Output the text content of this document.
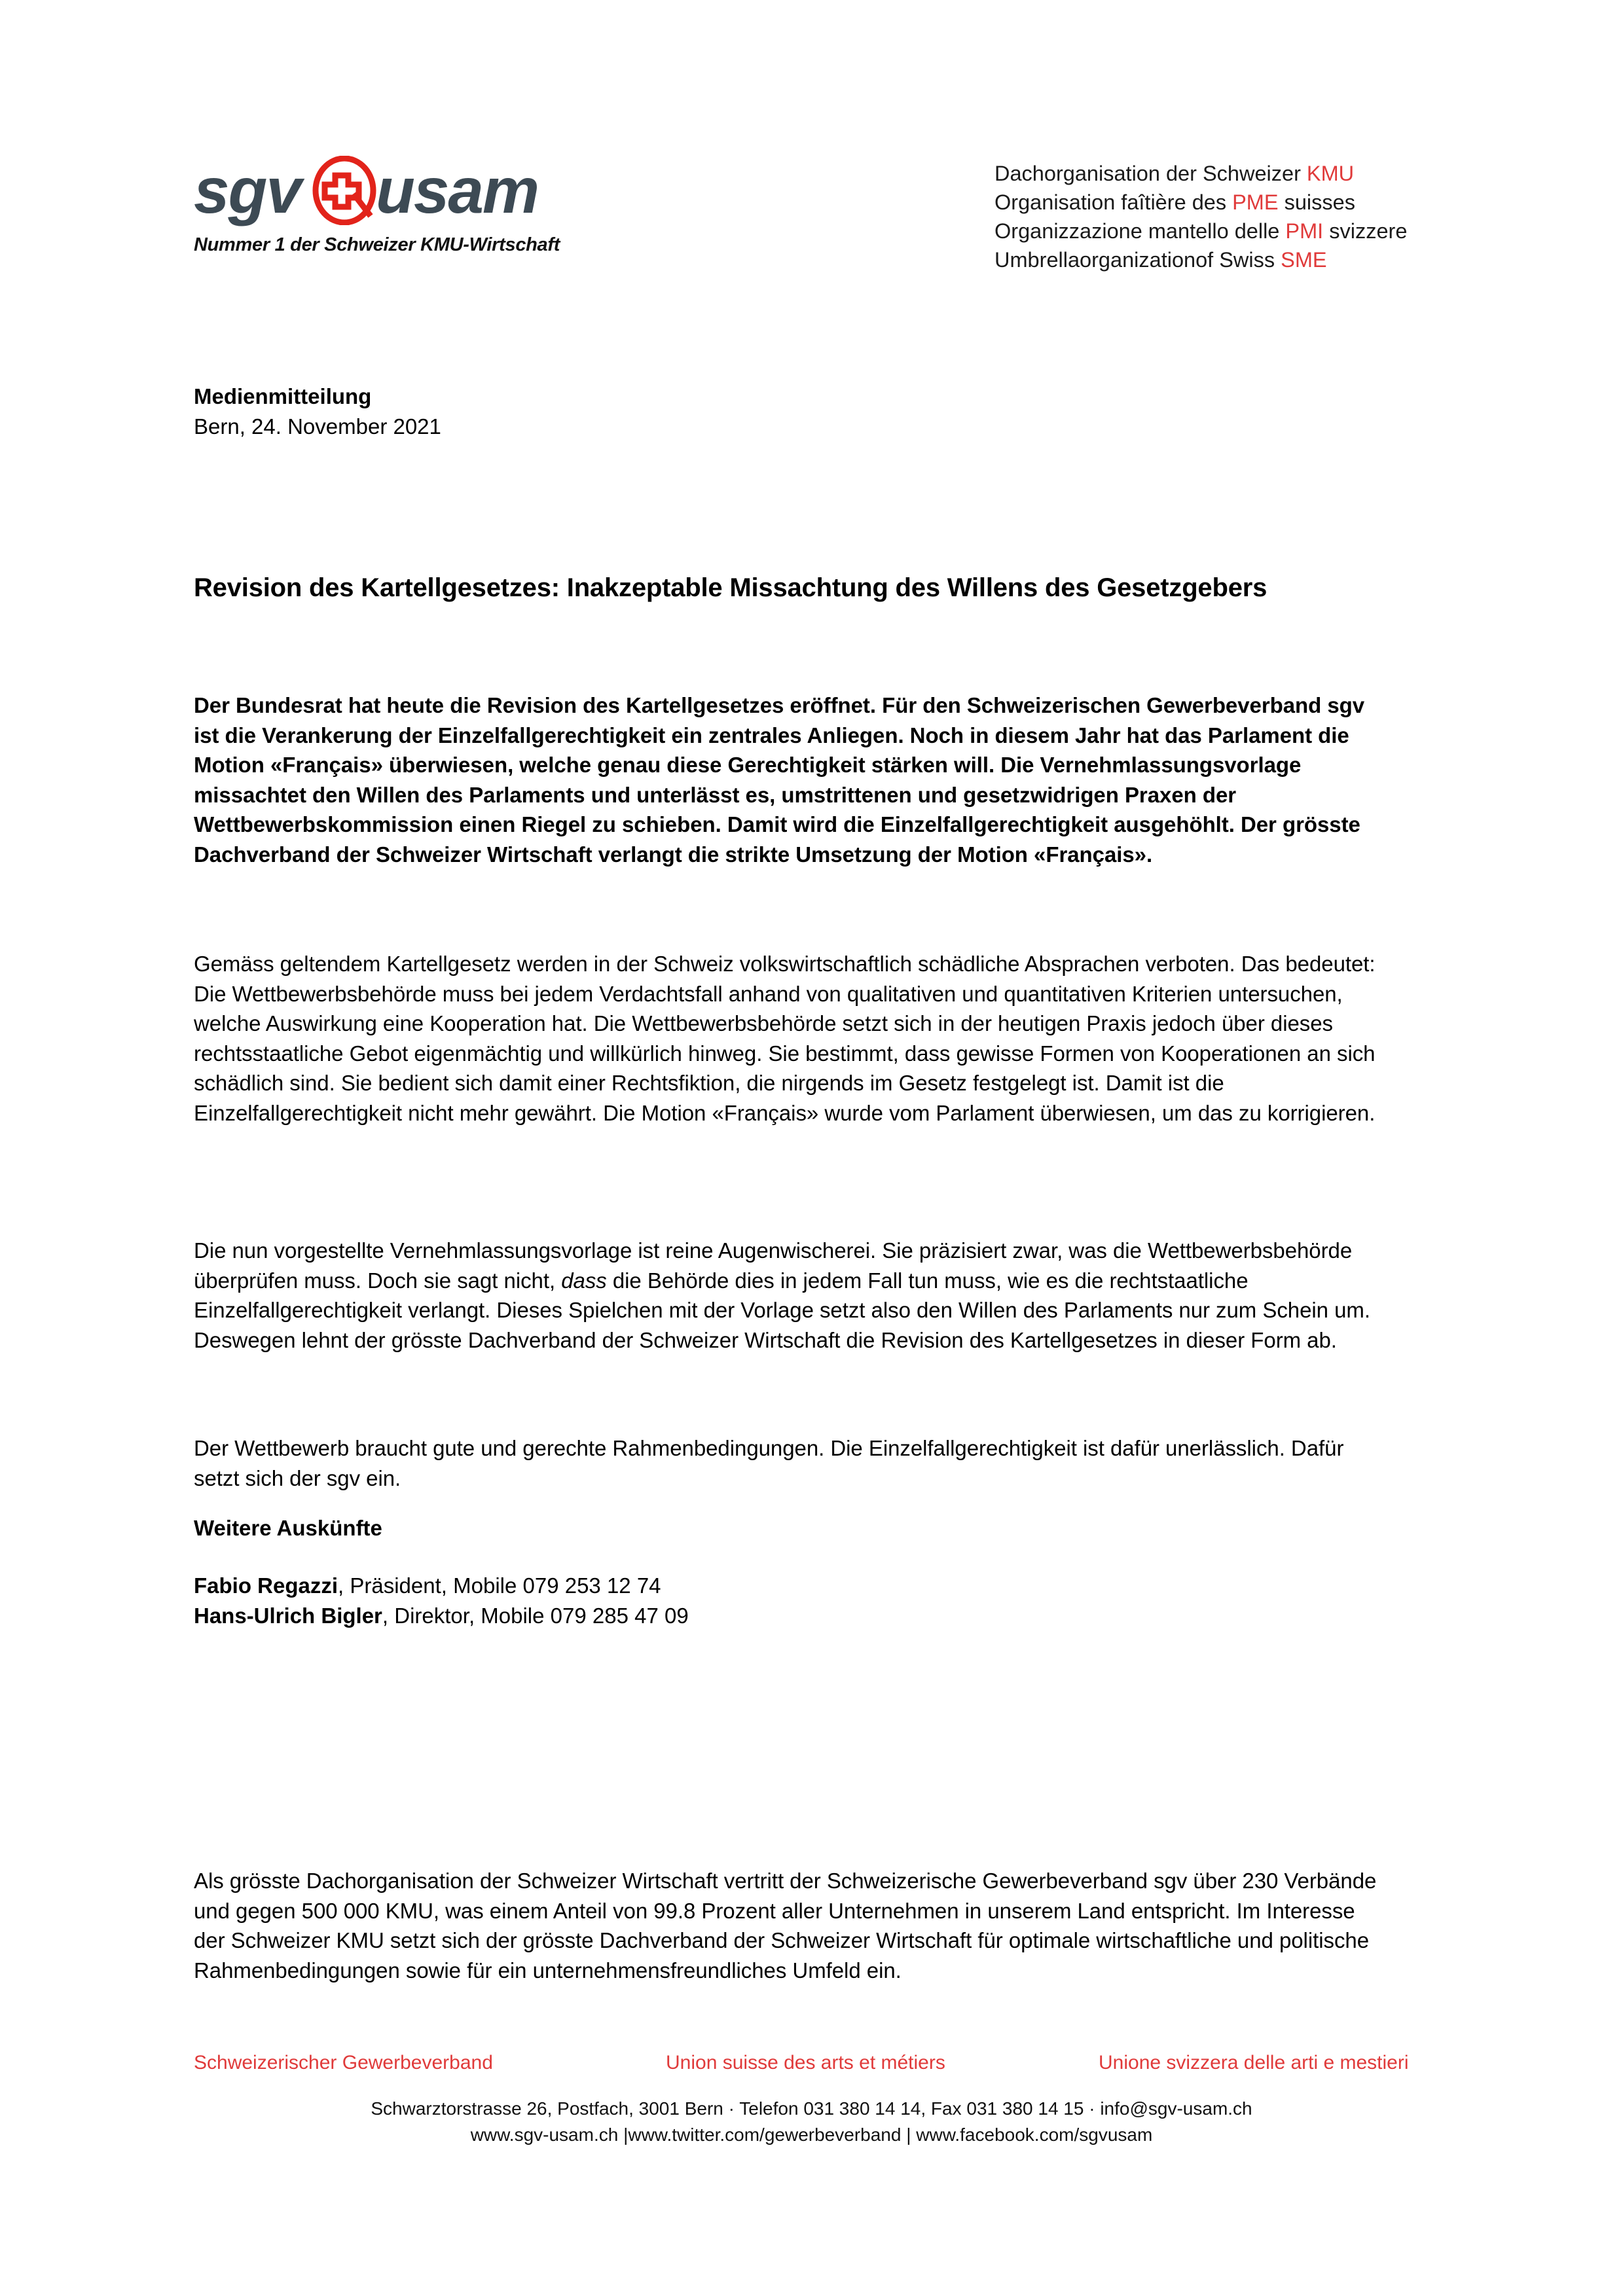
sgv usam
Nummer 1 der Schweizer KMU-Wirtschaft
Dachorganisation der Schweizer KMU
Organisation faîtière des PME suisses
Organizzazione mantello delle PMI svizzere
Umbrellaorganizationof Swiss SME
Medienmitteilung
Bern, 24. November 2021
Revision des Kartellgesetzes: Inakzeptable Missachtung des Willens des Gesetzgebers

Der Bundesrat hat heute die Revision des Kartellgesetzes eröffnet. Für den Schweizerischen Gewerbeverband sgv ist die Verankerung der Einzelfallgerechtigkeit ein zentrales Anliegen. Noch in diesem Jahr hat das Parlament die Motion «Français» überwiesen, welche genau diese Gerechtigkeit stärken will. Die Vernehmlassungsvorlage missachtet den Willen des Parlaments und unterlässt es, umstrittenen und gesetzwidrigen Praxen der Wettbewerbskommission einen Riegel zu schieben. Damit wird die Einzelfallgerechtigkeit ausgehöhlt. Der grösste Dachverband der Schweizer Wirtschaft verlangt die strikte Umsetzung der Motion «Français».

Gemäss geltendem Kartellgesetz werden in der Schweiz volkswirtschaftlich schädliche Absprachen verboten. Das bedeutet: Die Wettbewerbsbehörde muss bei jedem Verdachtsfall anhand von qualitativen und quantitativen Kriterien untersuchen, welche Auswirkung eine Kooperation hat. Die Wettbewerbsbehörde setzt sich in der heutigen Praxis jedoch über dieses rechtsstaatliche Gebot eigenmächtig und willkürlich hinweg. Sie bestimmt, dass gewisse Formen von Kooperationen an sich schädlich sind. Sie bedient sich damit einer Rechtsfiktion, die nirgends im Gesetz festgelegt ist. Damit ist die Einzelfallgerechtigkeit nicht mehr gewährt. Die Motion «Français» wurde vom Parlament überwiesen, um das zu korrigieren.

Die nun vorgestellte Vernehmlassungsvorlage ist reine Augenwischerei. Sie präzisiert zwar, was die Wettbewerbsbehörde überprüfen muss. Doch sie sagt nicht, dass die Behörde dies in jedem Fall tun muss, wie es die rechtstaatliche Einzelfallgerechtigkeit verlangt. Dieses Spielchen mit der Vorlage setzt also den Willen des Parlaments nur zum Schein um. Deswegen lehnt der grösste Dachverband der Schweizer Wirtschaft die Revision des Kartellgesetzes in dieser Form ab.

Der Wettbewerb braucht gute und gerechte Rahmenbedingungen. Die Einzelfallgerechtigkeit ist dafür unerlässlich. Dafür setzt sich der sgv ein.

Weitere Auskünfte
Fabio Regazzi, Präsident, Mobile 079 253 12 74
Hans-Ulrich Bigler, Direktor, Mobile 079 285 47 09

Als grösste Dachorganisation der Schweizer Wirtschaft vertritt der Schweizerische Gewerbeverband sgv über 230 Verbände und gegen 500 000 KMU, was einem Anteil von 99.8 Prozent aller Unternehmen in unserem Land entspricht. Im Interesse der Schweizer KMU setzt sich der grösste Dachverband der Schweizer Wirtschaft für optimale wirtschaftliche und politische Rahmenbedingungen sowie für ein unternehmensfreundliches Umfeld ein.

Schweizerischer Gewerbeverband	Union suisse des arts et métiers	Unione svizzera delle arti e mestieri
Schwarztorstrasse 26, Postfach, 3001 Bern · Telefon 031 380 14 14, Fax 031 380 14 15 · info@sgv-usam.ch
www.sgv-usam.ch |www.twitter.com/gewerbeverband | www.facebook.com/sgvusam
